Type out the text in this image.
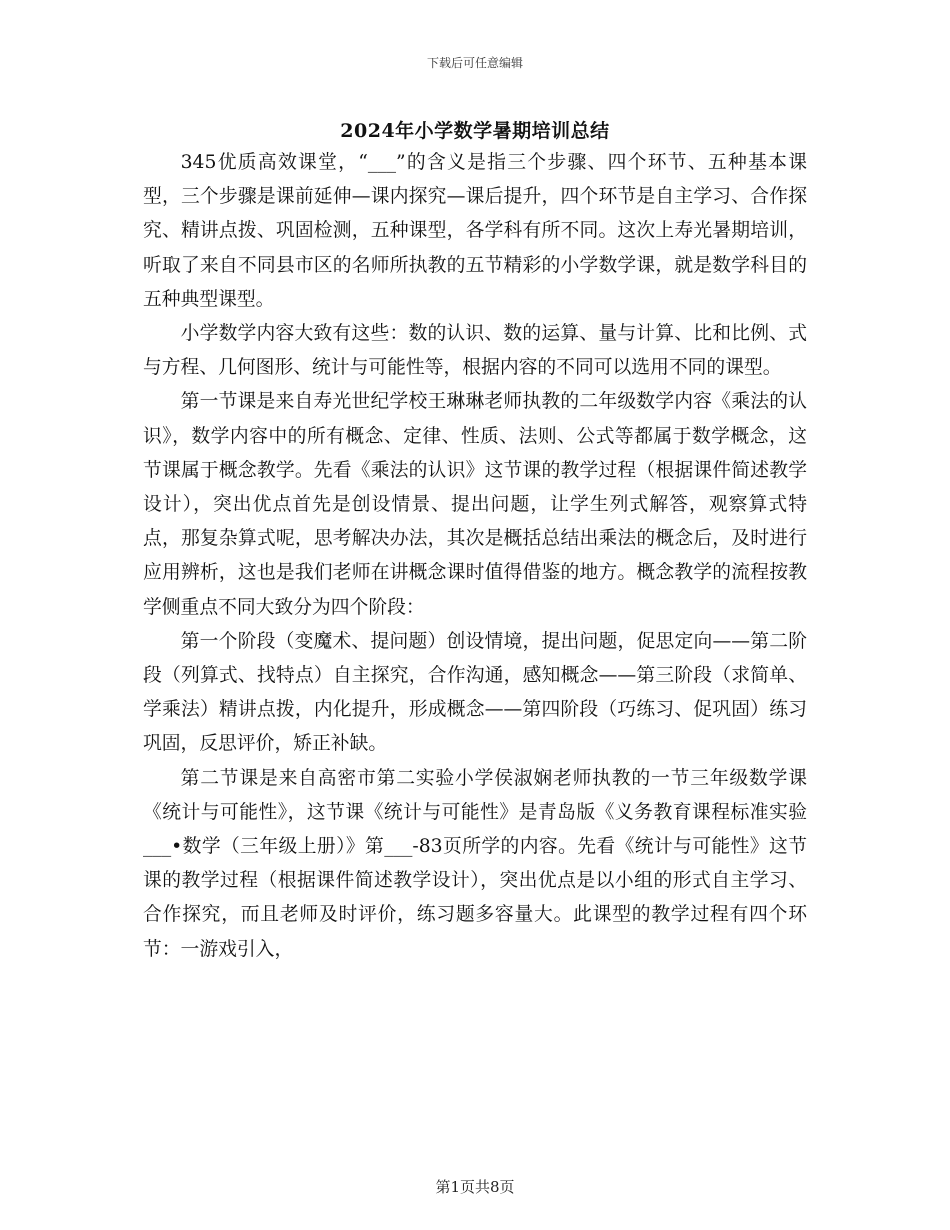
下载后可任意编辑
2024年小学数学暑期培训总结

345优质高效课堂，“___”的含义是指三个步骤、四个环节、五种基本课型，三个步骤是课前延伸—课内探究—课后提升，四个环节是自主学习、合作探究、精讲点拨、巩固检测，五种课型，各学科有所不同。这次上寿光暑期培训，听取了来自不同县市区的名师所执教的五节精彩的小学数学课，就是数学科目的五种典型课型。

小学数学内容大致有这些：数的认识、数的运算、量与计算、比和比例、式与方程、几何图形、统计与可能性等，根据内容的不同可以选用不同的课型。

第一节课是来自寿光世纪学校王琳琳老师执教的二年级数学内容《乘法的认识》，数学内容中的所有概念、定律、性质、法则、公式等都属于数学概念，这节课属于概念教学。先看《乘法的认识》这节课的教学过程（根据课件简述教学设计），突出优点首先是创设情景、提出问题，让学生列式解答，观察算式特点，那复杂算式呢，思考解决办法，其次是概括总结出乘法的概念后，及时进行应用辨析，这也是我们老师在讲概念课时值得借鉴的地方。概念教学的流程按教学侧重点不同大致分为四个阶段：

第一个阶段（变魔术、提问题）创设情境，提出问题，促思定向——第二阶段（列算式、找特点）自主探究，合作沟通，感知概念——第三阶段（求简单、学乘法）精讲点拨，内化提升，形成概念——第四阶段（巧练习、促巩固）练习巩固，反思评价，矫正补缺。

第二节课是来自高密市第二实验小学侯淑娴老师执教的一节三年级数学课《统计与可能性》，这节课《统计与可能性》是青岛版《义务教育课程标准实验___•数学（三年级上册）》第___-83页所学的内容。先看《统计与可能性》这节课的教学过程（根据课件简述教学设计），突出优点是以小组的形式自主学习、合作探究，而且老师及时评价，练习题多容量大。此课型的教学过程有四个环节：一游戏引入，

第1页共8页
